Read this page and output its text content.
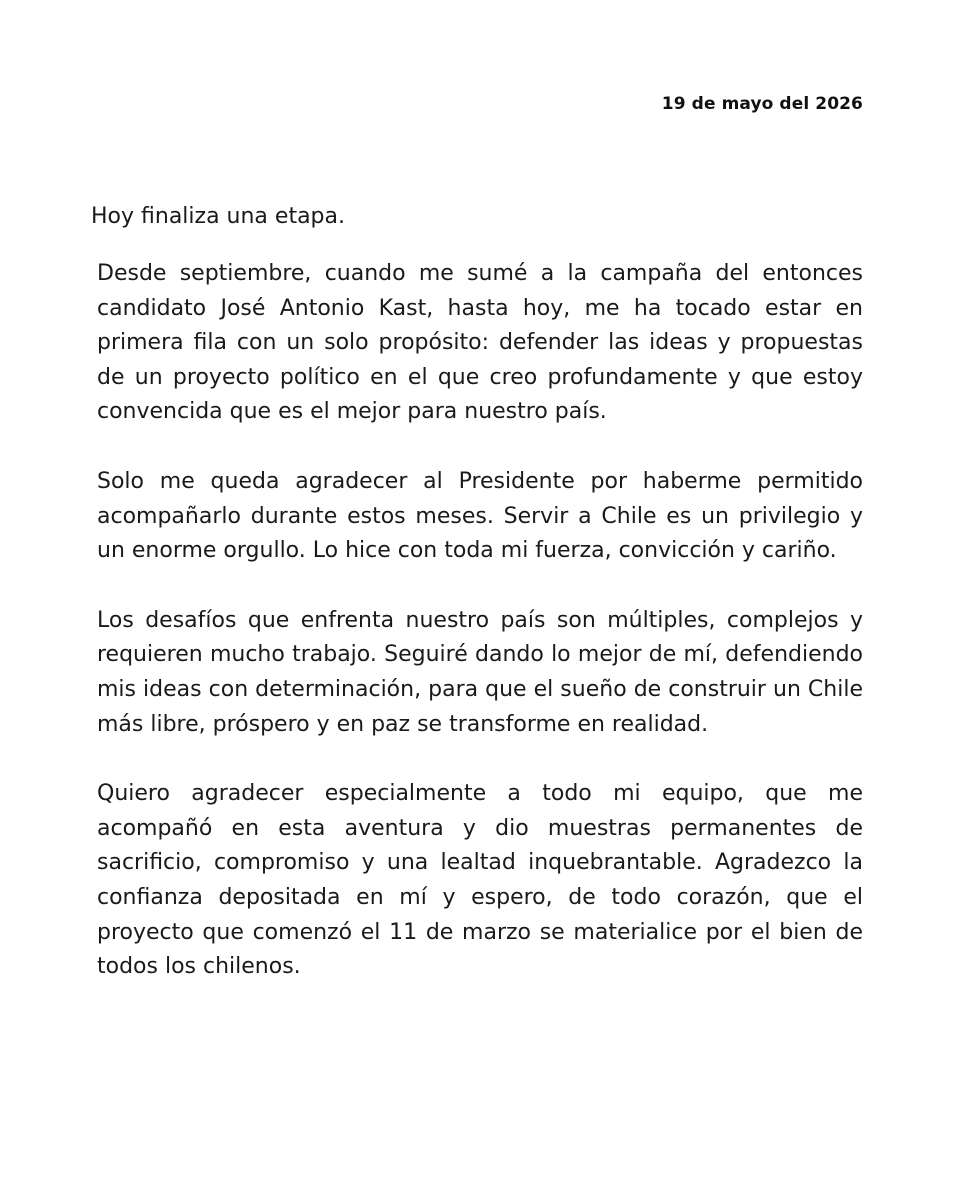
19 de mayo del 2026
Hoy finaliza una etapa.

Desde septiembre, cuando me sumé a la campaña del entonces candidato José Antonio Kast, hasta hoy, me ha tocado estar en primera fila con un solo propósito: defender las ideas y propuestas de un proyecto político en el que creo profundamente y que estoy convencida que es el mejor para nuestro país.

Solo me queda agradecer al Presidente por haberme permitido acompañarlo durante estos meses. Servir a Chile es un privilegio y un enorme orgullo. Lo hice con toda mi fuerza, convicción y cariño.

Los desafíos que enfrenta nuestro país son múltiples, complejos y requieren mucho trabajo. Seguiré dando lo mejor de mí, defendiendo mis ideas con determinación, para que el sueño de construir un Chile más libre, próspero y en paz se transforme en realidad.

Quiero agradecer especialmente a todo mi equipo, que me acompañó en esta aventura y dio muestras permanentes de sacrificio, compromiso y una lealtad inquebrantable. Agradezco la confianza depositada en mí y espero, de todo corazón, que el proyecto que comenzó el 11 de marzo se materialice por el bien de todos los chilenos.
